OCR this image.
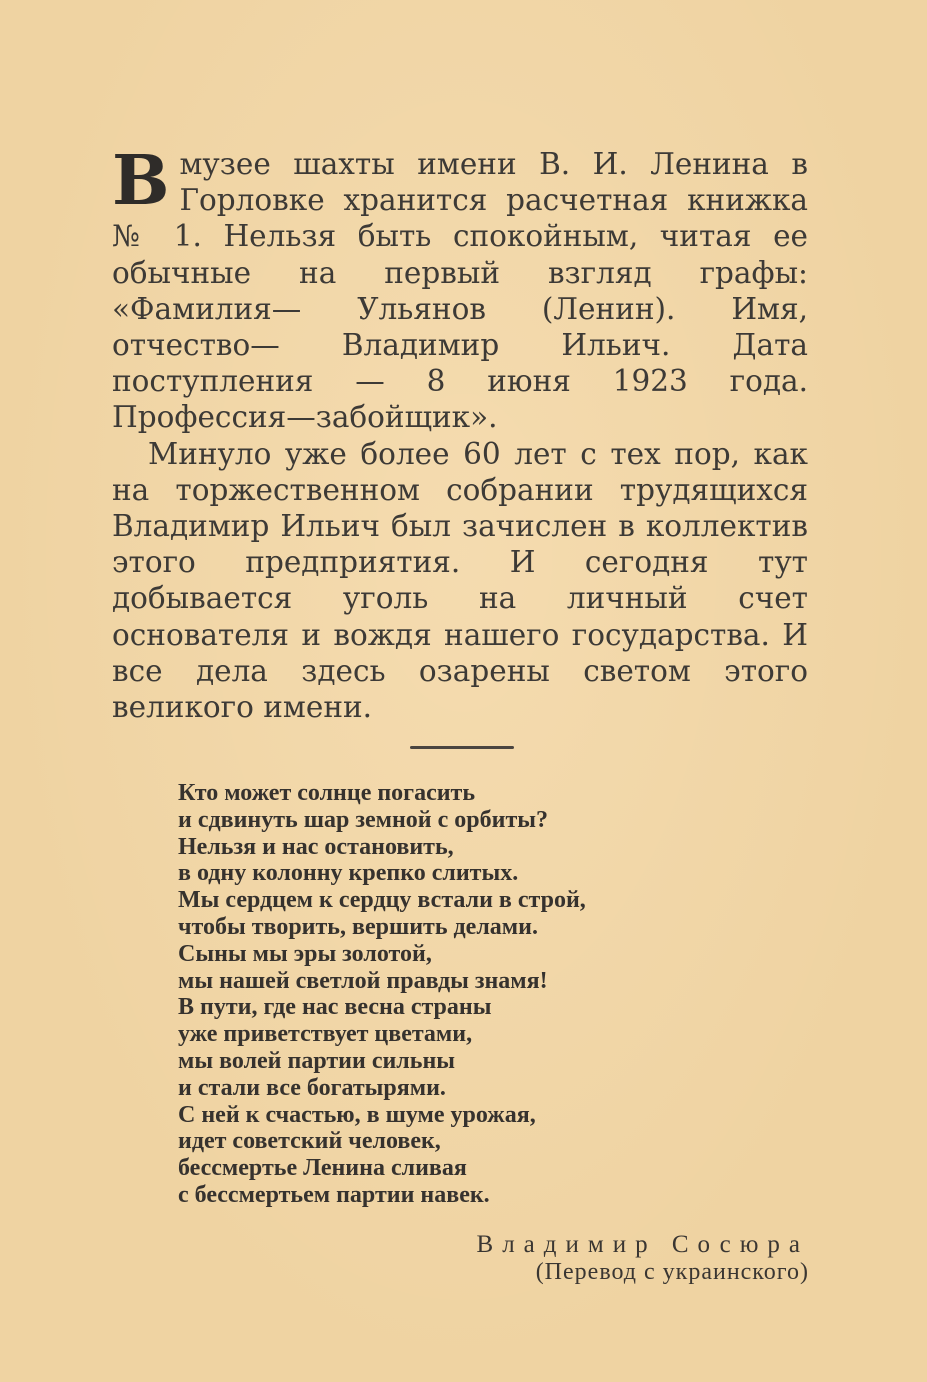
В музее шахты имени В. И. Ленина в Горловке хранится расчетная книжка № 1. Нельзя быть спокойным, читая ее обычные на первый взгляд графы: «Фамилия— Ульянов (Ленин). Имя, отчество— Владимир Ильич. Дата поступления — 8 июня 1923 года. Профессия—забойщик».

Минуло уже более 60 лет с тех пор, как на торжественном собрании трудящихся Владимир Ильич был зачислен в коллектив этого предприятия. И сегодня тут добывается уголь на личный счет основателя и вождя нашего государства. И все дела здесь озарены светом этого великого имени.

Кто может солнце погасить
и сдвинуть шар земной с орбиты?
Нельзя и нас остановить,
в одну колонну крепко слитых.
Мы сердцем к сердцу встали в строй,
чтобы творить, вершить делами.
Сыны мы эры золотой,
мы нашей светлой правды знамя!
В пути, где нас весна страны
уже приветствует цветами,
мы волей партии сильны
и стали все богатырями.
С ней к счастью, в шуме урожая,
идет советский человек,
бессмертье Ленина сливая
с бессмертьем партии навек.
Владимир Сосюра
(Перевод с украинского)
